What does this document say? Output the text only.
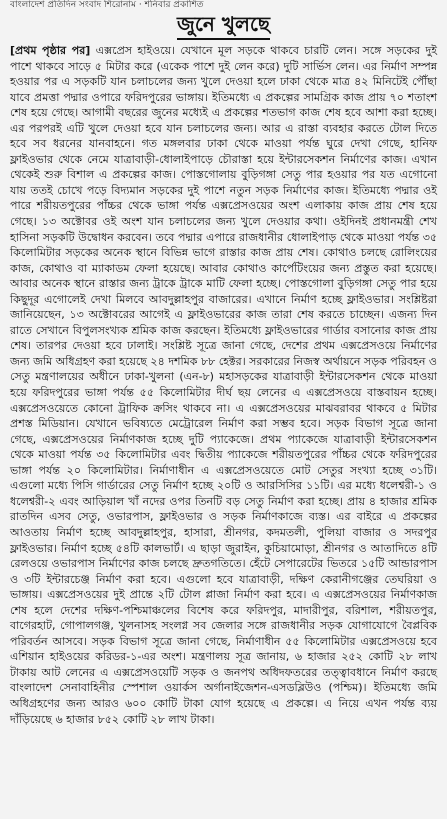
বাংলাদেশ প্রতিদিন সংবাদ শিরোনাম · শনিবার প্রকাশিত
জুনে খুলছে
[প্রথম পৃষ্ঠার পর] এক্সপ্রেস হাইওয়ে। যেখানে মূল সড়কে থাকবে চারটি লেন। সঙ্গে সড়কের দুই পাশে থাকবে সাড়ে ৫ মিটার করে (একেক পাশে দুই লেন করে) দুটি সার্ভিস লেন। এর নির্মাণ সম্পন্ন হওয়ার পর এ সড়কটি যান চলাচলের জন্য খুলে দেওয়া হলে ঢাকা থেকে মাত্র ৪২ মিনিটেই পৌঁছা যাবে প্রমত্তা পদ্মার ওপারে ফরিদপুরের ভাঙ্গায়। ইতিমধ্যে এ প্রকল্পের সামগ্রিক কাজ প্রায় ৭০ শতাংশ শেষ হয়ে গেছে। আগামী বছরের জুনের মধ্যেই এ প্রকল্পের শতভাগ কাজ শেষ হবে আশা করা হচ্ছে। এর পরপরই এটি খুলে দেওয়া হবে যান চলাচলের জন্য। আর এ রাস্তা ব্যবহার করতে টোল দিতে হবে সব ধরনের যানবাহনে। গত মঙ্গলবার ঢাকা থেকে মাওয়া পর্যন্ত ঘুরে দেখা গেছে, হানিফ ফ্লাইওভার থেকে নেমে যাত্রাবাড়ী-ধোলাইপাড়ে চৌরাস্তা হয়ে ইন্টারসেকশন নির্মাণের কাজ। এখান থেকেই শুরু বিশাল এ প্রকল্পের কাজ। পোস্তগোলায় বুড়িগঙ্গা সেতু পার হওয়ার পর যত এগোনো যায় ততই চোখে পড়ে বিদ্যমান সড়কের দুই পাশে নতুন সড়ক নির্মাণের কাজ। ইতিমধ্যে পদ্মার ওই পারে শরীয়তপুরের পাঁচ্চর থেকে ভাঙ্গা পর্যন্ত এক্সপ্রেসওয়ের অংশ এলাকায় কাজ প্রায় শেষ হয়ে গেছে। ১৩ অক্টোবর ওই অংশ যান চলাচলের জন্য খুলে দেওয়ার কথা। ওইদিনই প্রধানমন্ত্রী শেখ হাসিনা সড়কটি উদ্বোধন করবেন। তবে পদ্মার এপারে রাজধানীর ধোলাইপাড় থেকে মাওয়া পর্যন্ত ৩৫ কিলোমিটার সড়কের অনেক স্থানে বিভিন্ন ভাগে রাস্তার কাজ প্রায় শেষ। কোথাও চলছে রোলিংয়ের কাজ, কোথাও বা ম্যাকাডম ফেলা হয়েছে। আবার কোথাও কার্পেটিংয়ের জন্য প্রস্তুত করা হয়েছে। আবার অনেক স্থানে রাস্তার জন্য ট্রাকে ট্রাকে মাটি ফেলা হচ্ছে। পোস্তগোলা বুড়িগঙ্গা সেতু পার হয়ে কিছুদূর এগোলেই দেখা মিলবে আবদুল্লাহপুর বাজারের। এখানে নির্মাণ হচ্ছে ফ্লাইওভার। সংশ্লিষ্টরা জানিয়েছেন, ১৩ অক্টোবরের আগেই এ ফ্লাইওভারের কাজ তারা শেষ করতে চাচ্ছেন। এজন্য দিন রাতে সেখানে বিপুলসংখ্যক শ্রমিক কাজ করছেন। ইতিমধ্যে ফ্লাইওভারের গার্ডার বসানোর কাজ প্রায় শেষ। তারপর দেওয়া হবে ঢালাই। সংশ্লিষ্ট সূত্রে জানা গেছে, দেশের প্রথম এক্সপ্রেসওয়ে নির্মাণের জন্য জমি অধিগ্রহণ করা হয়েছে ২৪ দশমিক ৮৮ হেক্টর। সরকারের নিজস্ব অর্থায়নে সড়ক পরিবহন ও সেতু মন্ত্রণালয়ের অধীনে ঢাকা-খুলনা (এন-৮) মহাসড়কের যাত্রাবাড়ী ইন্টারসেকশন থেকে মাওয়া হয়ে ফরিদপুরের ভাঙ্গা পর্যন্ত ৫৫ কিলোমিটার দীর্ঘ ছয় লেনের এ এক্সপ্রেসওয়ে বাস্তবায়ন হচ্ছে। এক্সপ্রেসওয়েতে কোনো ট্রাফিক ক্রসিং থাকবে না। এ এক্সপ্রেসওয়ের মাঝবরাবর থাকবে ৫ মিটার প্রশস্ত মিডিয়ান। যেখানে ভবিষ্যতে মেট্রোরেল নির্মাণ করা সম্ভব হবে। সড়ক বিভাগ সূত্রে জানা গেছে, এক্সপ্রেসওয়ের নির্মাণকাজ হচ্ছে দুটি প্যাকেজে। প্রথম প্যাকেজে যাত্রাবাড়ী ইন্টারসেকশন থেকে মাওয়া পর্যন্ত ৩৫ কিলোমিটার এবং দ্বিতীয় প্যাকেজে শরীয়তপুরের পাঁচ্চর থেকে ফরিদপুরের ভাঙ্গা পর্যন্ত ২০ কিলোমিটার। নির্মাণাধীন এ এক্সপ্রেসওয়েতে মোট সেতুর সংখ্যা হচ্ছে ৩১টি। এগুলো মধ্যে পিসি গার্ডারের সেতু নির্মাণ হচ্ছে ২০টি ও আরসিসির ১১টি। এর মধ্যে ধলেশ্বরী-১ ও ধলেশ্বরী-২ এবং আড়িয়াল খাঁ নদের ওপর তিনটি বড় সেতু নির্মাণ করা হচ্ছে। প্রায় ৪ হাজার শ্রমিক রাতদিন এসব সেতু, ওভারপাস, ফ্লাইওভার ও সড়ক নির্মাণকাজে ব্যস্ত। এর বাইরে এ প্রকল্পের আওতায় নির্মাণ হচ্ছে আবদুল্লাহপুর, হাসারা, শ্রীনগর, কদমতলী, পুলিয়া বাজার ও সদরপুর ফ্লাইওভার। নির্মাণ হচ্ছে ৫৪টি কালভার্ট। এ ছাড়া জুরাইন, কুচিয়ামোড়া, শ্রীনগর ও আতাদিতে ৪টি রেলওয়ে ওভারপাস নির্মাণের কাজ চলছে দ্রুতগতিতে। হেঁটে সেপারেটের ভিতরে ১৫টি আন্ডারপাস ও ৩টি ইন্টারচেঞ্জ নির্মাণ করা হবে। এগুলো হবে যাত্রাবাড়ী, দক্ষিণ কেরানীগঞ্জের তেঘরিয়া ও ভাঙ্গায়। এক্সপ্রেসওয়ের দুই প্রান্তে ২টি টোল প্লাজা নির্মাণ করা হবে। এ এক্সপ্রেসওয়ের নির্মাণকাজ শেষ হলে দেশের দক্ষিণ-পশ্চিমাঞ্চলের বিশেষ করে ফরিদপুর, মাদারীপুর, বরিশাল, শরীয়তপুর, বাগেরহাট, গোপালগঞ্জ, খুলনাসহ সংলগ্ন সব জেলার সঙ্গে রাজধানীর সড়ক যোগাযোগে বৈপ্লবিক পরিবর্তন আসবে। সড়ক বিভাগ সূত্রে জানা গেছে, নির্মাণাধীন ৫৫ কিলোমিটার এক্সপ্রেসওয়ে হবে এশিয়ান হাইওয়ের করিডর-১-এর অংশ। মন্ত্রণালয় সূত্র জানায়, ৬ হাজার ২৫২ কোটি ২৮ লাখ টাকায় আট লেনের এ এক্সপ্রেসওয়েটি সড়ক ও জনপথ অধিদফতরের তত্ত্বাবধানে নির্মাণ করছে বাংলাদেশ সেনাবাহিনীর স্পেশাল ওয়ার্কস অর্গানাইজেশন-এসডব্লিউও (পশ্চিম)। ইতিমধ্যে জমি অধিগ্রহণের জন্য আরও ৬০০ কোটি টাকা যোগ হয়েছে এ প্রকল্পে। এ নিয়ে এখন পর্যন্ত ব্যয় দাঁড়িয়েছে ৬ হাজার ৮৫২ কোটি ২৮ লাখ টাকা।
